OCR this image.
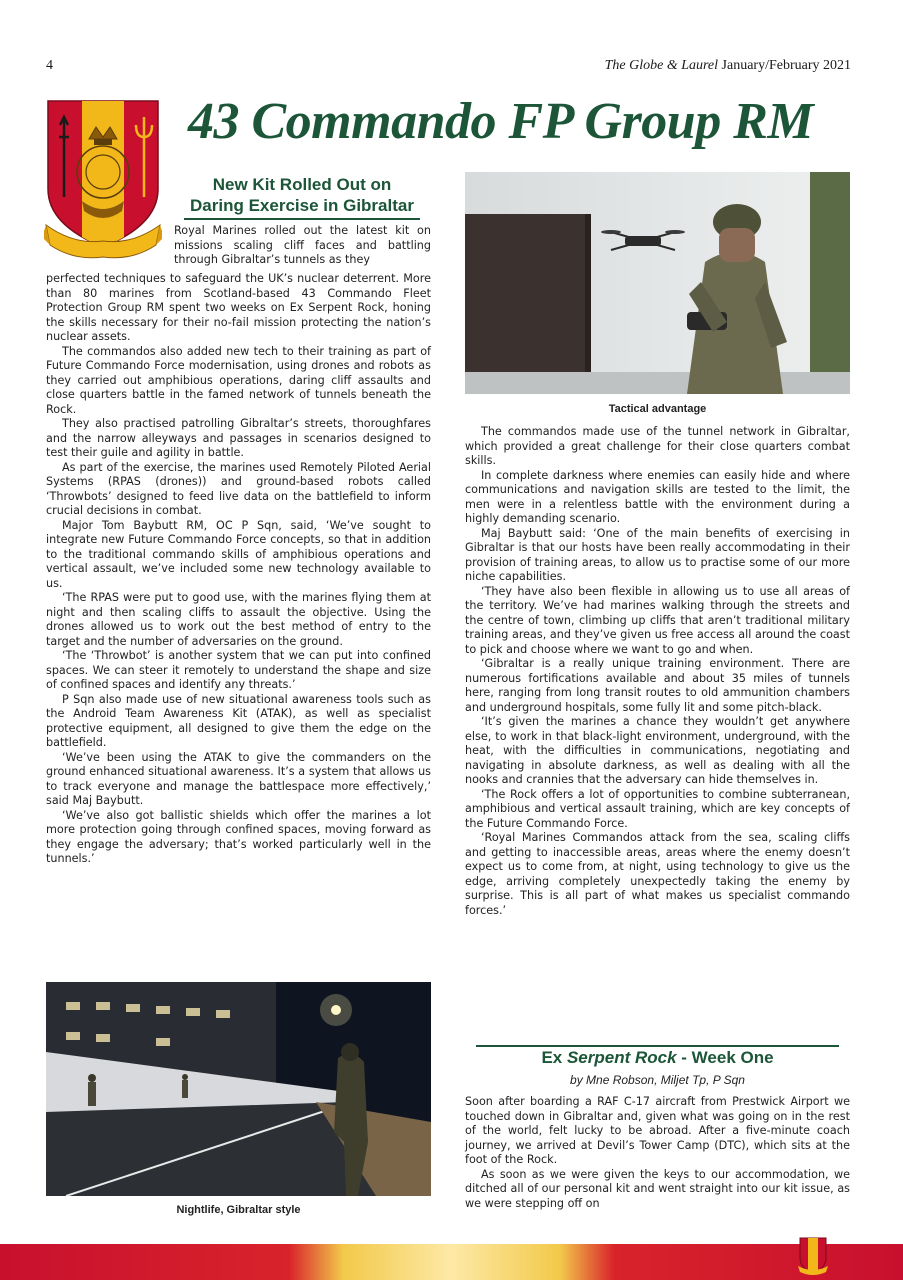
4	The Globe & Laurel January/February 2021
43 Commando FP Group RM
New Kit Rolled Out on
Daring Exercise in Gibraltar

Royal Marines rolled out the latest kit on missions scaling cliff faces and battling through Gibraltar’s tunnels as they

perfected techniques to safeguard the UK’s nuclear deterrent. More than 80 marines from Scotland-based 43 Commando Fleet Protection Group RM spent two weeks on Ex Serpent Rock, honing the skills necessary for their no-fail mission protecting the nation’s nuclear assets.

The commandos also added new tech to their training as part of Future Commando Force modernisation, using drones and robots as they carried out amphibious operations, daring cliff assaults and close quarters battle in the famed network of tunnels beneath the Rock.

They also practised patrolling Gibraltar’s streets, thoroughfares and the narrow alleyways and passages in scenarios designed to test their guile and agility in battle.

As part of the exercise, the marines used Remotely Piloted Aerial Systems (RPAS (drones)) and ground-based robots called ‘Throwbots’ designed to feed live data on the battlefield to inform crucial decisions in combat.

Major Tom Baybutt RM, OC P Sqn, said, ‘We’ve sought to integrate new Future Commando Force concepts, so that in addition to the traditional commando skills of amphibious operations and vertical assault, we’ve included some new technology available to us.

‘The RPAS were put to good use, with the marines flying them at night and then scaling cliffs to assault the objective. Using the drones allowed us to work out the best method of entry to the target and the number of adversaries on the ground.

‘The ‘Throwbot’ is another system that we can put into confined spaces. We can steer it remotely to understand the shape and size of confined spaces and identify any threats.’

P Sqn also made use of new situational awareness tools such as the Android Team Awareness Kit (ATAK), as well as specialist protective equipment, all designed to give them the edge on the battlefield.

‘We’ve been using the ATAK to give the commanders on the ground enhanced situational awareness. It’s a system that allows us to track everyone and manage the battlespace more effectively,’ said Maj Baybutt.

‘We’ve also got ballistic shields which offer the marines a lot more protection going through confined spaces, moving forward as they engage the adversary; that’s worked particularly well in the tunnels.’

Tactical advantage

The commandos made use of the tunnel network in Gibraltar, which provided a great challenge for their close quarters combat skills.

In complete darkness where enemies can easily hide and where communications and navigation skills are tested to the limit, the men were in a relentless battle with the environment during a highly demanding scenario.

Maj Baybutt said: ‘One of the main benefits of exercising in Gibraltar is that our hosts have been really accommodating in their provision of training areas, to allow us to practise some of our more niche capabilities.

‘They have also been flexible in allowing us to use all areas of the territory. We’ve had marines walking through the streets and the centre of town, climbing up cliffs that aren’t traditional military training areas, and they’ve given us free access all around the coast to pick and choose where we want to go and when.

‘Gibraltar is a really unique training environment. There are numerous fortifications available and about 35 miles of tunnels here, ranging from long transit routes to old ammunition chambers and underground hospitals, some fully lit and some pitch-black.

‘It’s given the marines a chance they wouldn’t get anywhere else, to work in that black-light environment, underground, with the heat, with the difficulties in communications, negotiating and navigating in absolute darkness, as well as dealing with all the nooks and crannies that the adversary can hide themselves in.

‘The Rock offers a lot of opportunities to combine subterranean, amphibious and vertical assault training, which are key concepts of the Future Commando Force.

‘Royal Marines Commandos attack from the sea, scaling cliffs and getting to inaccessible areas, areas where the enemy doesn’t expect us to come from, at night, using technology to give us the edge, arriving completely unexpectedly taking the enemy by surprise. This is all part of what makes us specialist commando forces.’

Nightlife, Gibraltar style
Ex Serpent Rock - Week One
by Mne Robson, Miljet Tp, P Sqn

Soon after boarding a RAF C-17 aircraft from Prestwick Airport we touched down in Gibraltar and, given what was going on in the rest of the world, felt lucky to be abroad. After a five-minute coach journey, we arrived at Devil’s Tower Camp (DTC), which sits at the foot of the Rock.

As soon as we were given the keys to our accommodation, we ditched all of our personal kit and went straight into our kit issue, as we were stepping off on
